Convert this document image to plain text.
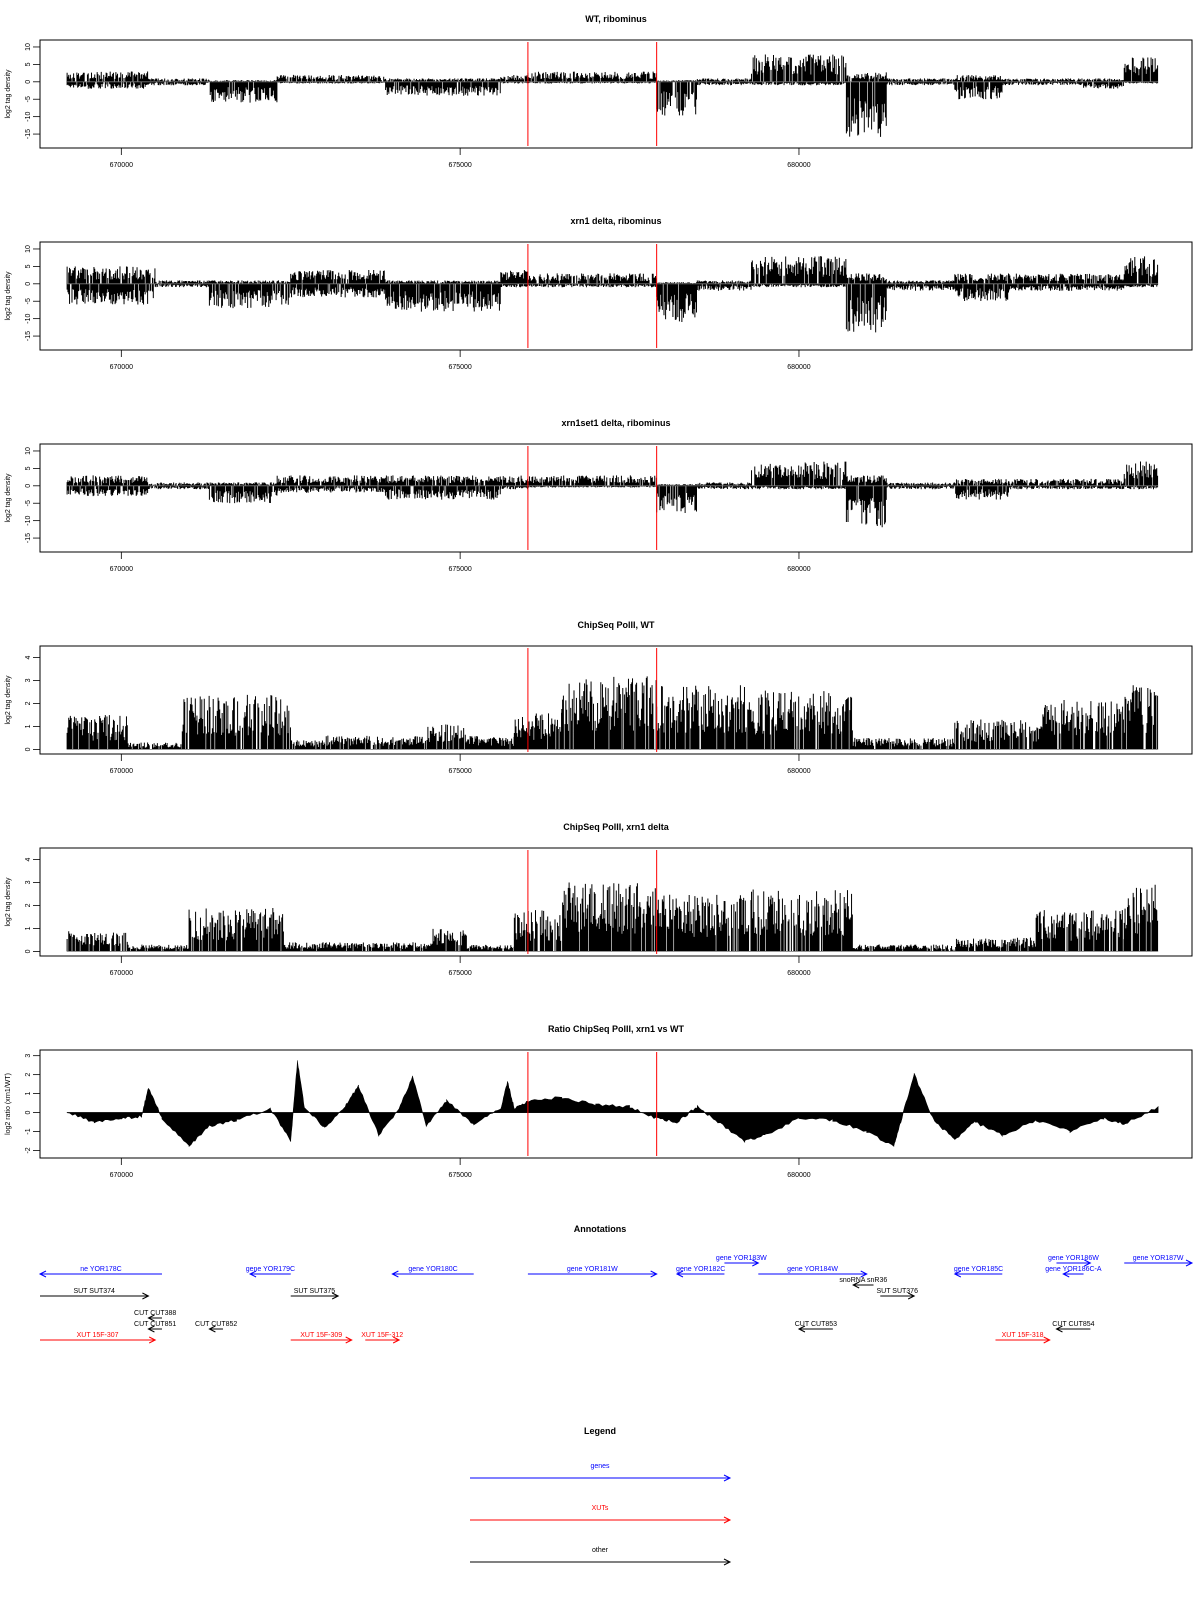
WT, ribominus
log2 tag density
-15
-10
-5
0
5
10
670000	675000	680000
xrn1 delta, ribominus
log2 tag density
-15
-10
-5
0
5
10
670000	675000	680000
xrn1set1 delta, ribominus
log2 tag density
-15
-10
-5
0
5
10
670000	675000	680000
ChipSeq PolII, WT
log2 tag density
0
1
2
3
4
670000	675000	680000
ChipSeq PolII, xrn1 delta
log2 tag density
0
1
2
3
4
670000	675000	680000
Ratio ChipSeq PolII, xrn1 vs WT
log2 ratio (xrn1/WT)
-2
-1
0
1
2
3
670000	675000	680000
Annotations
ne YOR178C	gene YOR179C	gene YOR180C	gene YOR181W	gene YOR182C
gene YOR183W
gene YOR184W	gene YOR185C
gene YOR186W
gene YOR186C-A
gene YOR187W
SUT SUT374	SUT SUT375
snoRNA snR36
SUT SUT376
CUT CUT388
CUT CUT851	CUT CUT852	CUT CUT853	CUT CUT854
XUT 15F-307	XUT 15F-309	XUT 15F-312	XUT 15F-318
Legend
genes
XUTs
other
